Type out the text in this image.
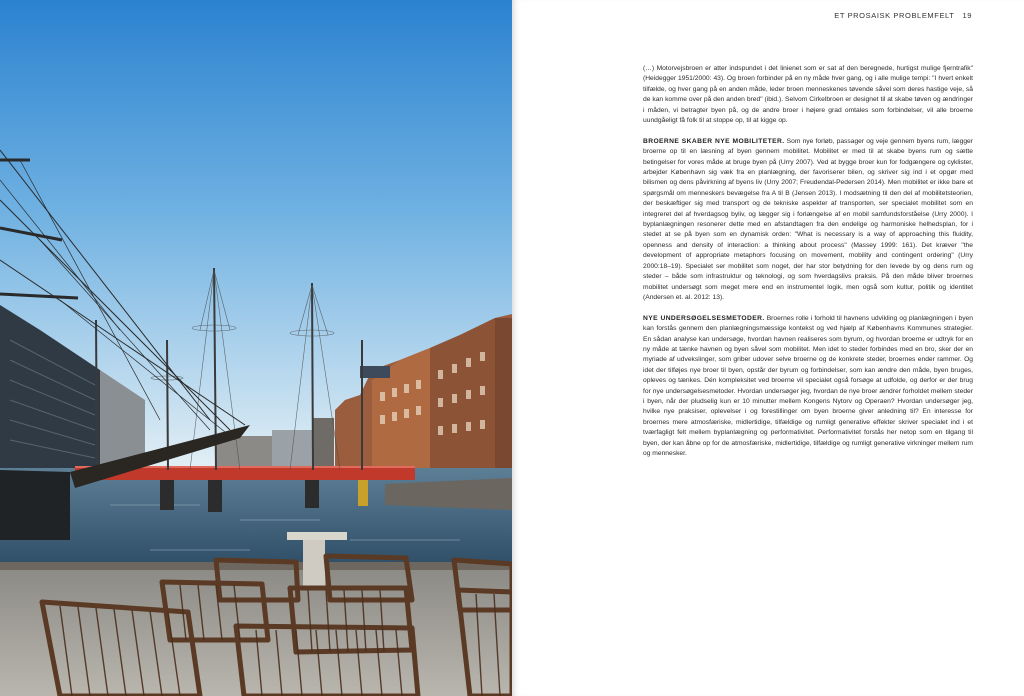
ET PROSAISK PROBLEMFELT 19

(…) Motorvejsbroen er atter indspundet i det linienet som er sat af den beregnede, hurtigst mulige fjerntrafik" (Heidegger 1951/2000: 43). Og broen forbinder på en ny måde hver gang, og i alle mulige tempi: "I hvert enkelt tilfælde, og hver gang på en anden måde, leder broen menneskenes tøvende såvel som deres hastige veje, så de kan komme over på den anden bred" (ibid.). Selvom Cirkelbroen er designet til at skabe tøven og ændringer i måden, vi betragter byen på, og de andre broer i højere grad omtales som forbindelser, vil alle broerne uundgåeligt få folk til at stoppe op, til at kigge op.

BROERNE SKABER NYE MOBILITETER. Som nye forløb, passager og veje gennem byens rum, lægger broerne op til en læsning af byen gennem mobilitet. Mobilitet er med til at skabe byens rum og sætte betingelser for vores måde at bruge byen på (Urry 2007). Ved at bygge broer kun for fodgængere og cyklister, arbejder København sig væk fra en planlægning, der favoriserer bilen, og skriver sig ind i et opgør med bilismen og dens påvirkning af byens liv (Urry 2007; Freudendal-Pedersen 2014). Men mobilitet er ikke bare et spørgsmål om menneskers bevægelse fra A til B (Jensen 2013). I modsætning til den del af mobilitetsteorien, der beskæftiger sig med transport og de tekniske aspekter af transporten, ser specialet mobilitet som en integreret del af hverdagsog byliv, og lægger sig i forlængelse af en mobil samfundsforståelse (Urry 2000). I byplanlægningen resonerer dette med en afstandtagen fra den endelige og harmoniske helhedsplan, for i stedet at se på byen som en dynamisk orden: "What is necessary is a way of approaching this fluidity, openness and density of interaction: a thinking about process" (Massey 1999: 161). Det kræver "the development of appropriate metaphors focusing on movement, mobility and contingent ordering" (Urry 2000:18–19). Specialet ser mobilitet som noget, der har stor betydning for den levede by og dens rum og steder – både som infrastruktur og teknologi, og som hverdagslivs praksis. På den måde bliver broernes mobilitet undersøgt som meget mere end en instrumentel logik, men også som kultur, politik og identitet (Andersen et. al. 2012: 13).

NYE UNDERSØGELSESMETODER. Broernes rolle i forhold til havnens udvikling og planlægningen i byen kan forstås gennem den planlægningsmæssige kontekst og ved hjælp af Københavns Kommunes strategier. En sådan analyse kan undersøge, hvordan havnen realiseres som byrum, og hvordan broerne er udtryk for en ny måde at tænke havnen og byen såvel som mobilitet. Men idet to steder forbindes med en bro, sker der en myriade af udvekslinger, som griber udover selve broerne og de konkrete steder, broernes ender rammer. Og idet der tilføjes nye broer til byen, opstår der byrum og forbindelser, som kan ændre den måde, byen bruges, opleves og tænkes. Dén kompleksitet ved broerne vil specialet også forsøge at udfolde, og derfor er der brug for nye undersøgelsesmetoder. Hvordan undersøger jeg, hvordan de nye broer ændrer forholdet mellem steder i byen, når der pludselig kun er 10 minutter mellem Kongens Nytorv og Operaen? Hvordan undersøger jeg, hvilke nye praksiser, oplevelser i og forestillinger om byen broerne giver anledning til? En interesse for broernes mere atmosfæriske, midlertidige, tilfældige og rumligt generative effekter skriver specialet ind i et tværfagligt felt mellem byplanlægning og performativitet. Performativitet forstås her netop som en tilgang til byen, der kan åbne op for de atmosfæriske, midlertidige, tilfældige og rumligt generative virkninger mellem rum og mennesker.
